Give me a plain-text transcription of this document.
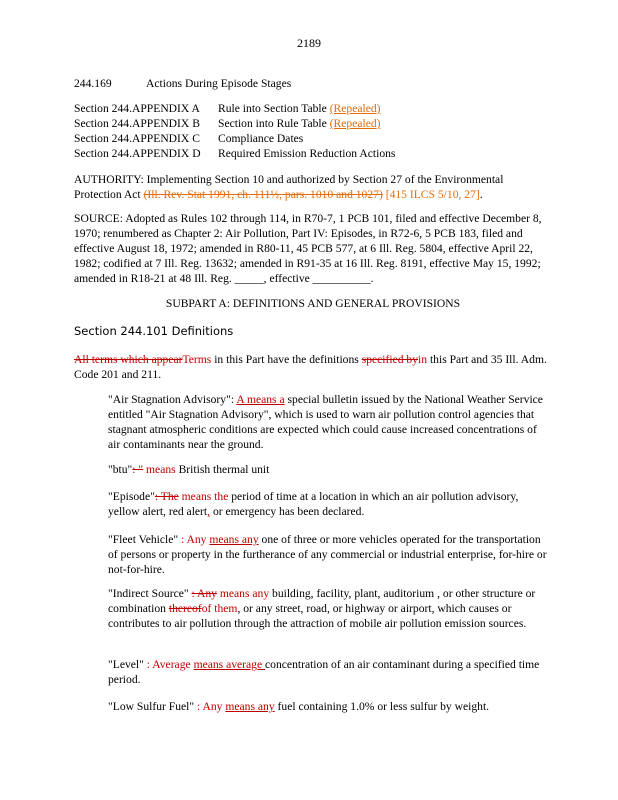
2189
244.169	Actions During Episode Stages
Section 244.APPENDIX A	Rule into Section Table (Repealed)
Section 244.APPENDIX B	Section into Rule Table (Repealed)
Section 244.APPENDIX C	Compliance Dates
Section 244.APPENDIX D	Required Emission Reduction Actions
AUTHORITY: Implementing Section 10 and authorized by Section 27 of the Environmental Protection Act (Ill. Rev. Stat 1991, ch. 111½, pars. 1010 and 1027) [415 ILCS 5/10, 27].
SOURCE: Adopted as Rules 102 through 114, in R70-7, 1 PCB 101, filed and effective December 8, 1970; renumbered as Chapter 2: Air Pollution, Part IV: Episodes, in R72-6, 5 PCB 183, filed and effective August 18, 1972; amended in R80-11, 45 PCB 577, at 6 Ill. Reg. 5804, effective April 22, 1982; codified at 7 Ill. Reg. 13632; amended in R91-35 at 16 Ill. Reg. 8191, effective May 15, 1992; amended in R18-21 at 48 Ill. Reg. _____, effective __________.
SUBPART A: DEFINITIONS AND GENERAL PROVISIONS
Section 244.101 Definitions
All terms which appearTerms in this Part have the definitions specified byin this Part and 35 Ill. Adm. Code 201 and 211.
"Air Stagnation Advisory": A means a special bulletin issued by the National Weather Service entitled "Air Stagnation Advisory", which is used to warn air pollution control agencies that stagnant atmospheric conditions are expected which could cause increased concentrations of air contaminants near the ground.
"btu": " means British thermal unit
"Episode": The means the period of time at a location in which an air pollution advisory, yellow alert, red alert, or emergency has been declared.
"Fleet Vehicle" : Any means any one of three or more vehicles operated for the transportation of persons or property in the furtherance of any commercial or industrial enterprise, for-hire or not-for-hire.
"Indirect Source" : Any means any building, facility, plant, auditorium , or other structure or combination thereofof them, or any street, road, or highway or airport, which causes or contributes to air pollution through the attraction of mobile air pollution emission sources.
"Level" : Average means average concentration of an air contaminant during a specified time period.
"Low Sulfur Fuel" : Any means any fuel containing 1.0% or less sulfur by weight.
